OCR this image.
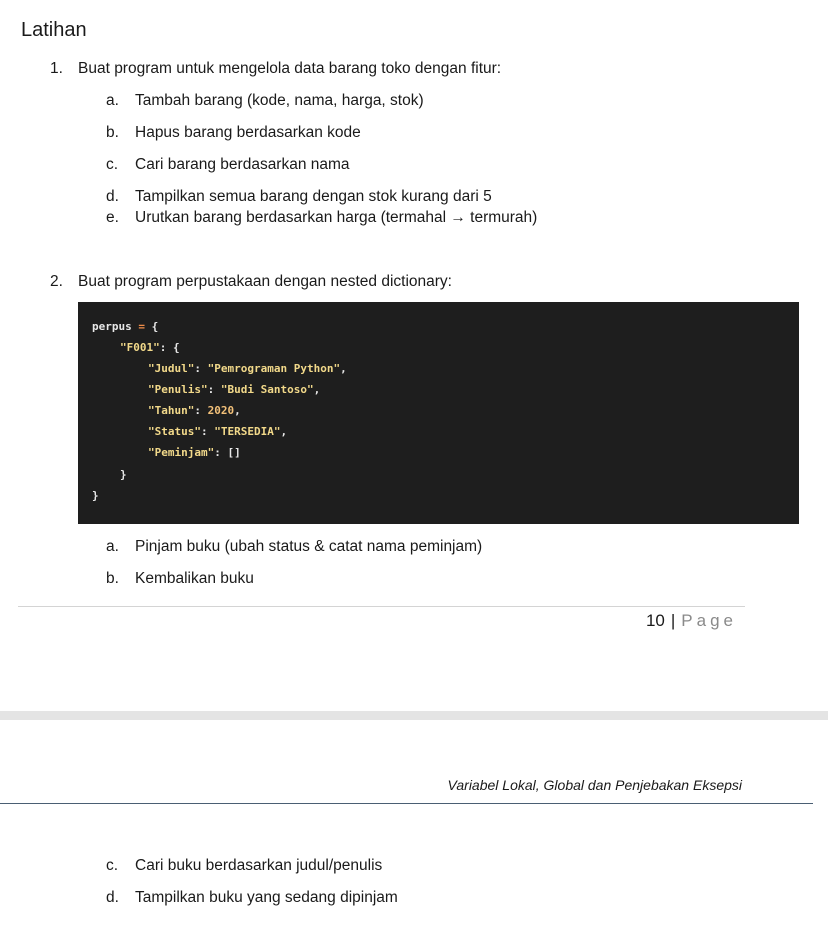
Latihan
1. Buat program untuk mengelola data barang toko dengan fitur:
a. Tambah barang (kode, nama, harga, stok)
b. Hapus barang berdasarkan kode
c. Cari barang berdasarkan nama
d. Tampilkan semua barang dengan stok kurang dari 5
e. Urutkan barang berdasarkan harga (termahal → termurah)
2. Buat program perpustakaan dengan nested dictionary:
perpus = {
"F001": {
"Judul": "Pemrograman Python",
"Penulis": "Budi Santoso",
"Tahun": 2020,
"Status": "TERSEDIA",
"Peminjam": []
}
}
a. Pinjam buku (ubah status & catat nama peminjam)
b. Kembalikan buku
10 | Page
Variabel Lokal, Global dan Penjebakan Eksepsi
c. Cari buku berdasarkan judul/penulis
d. Tampilkan buku yang sedang dipinjam
